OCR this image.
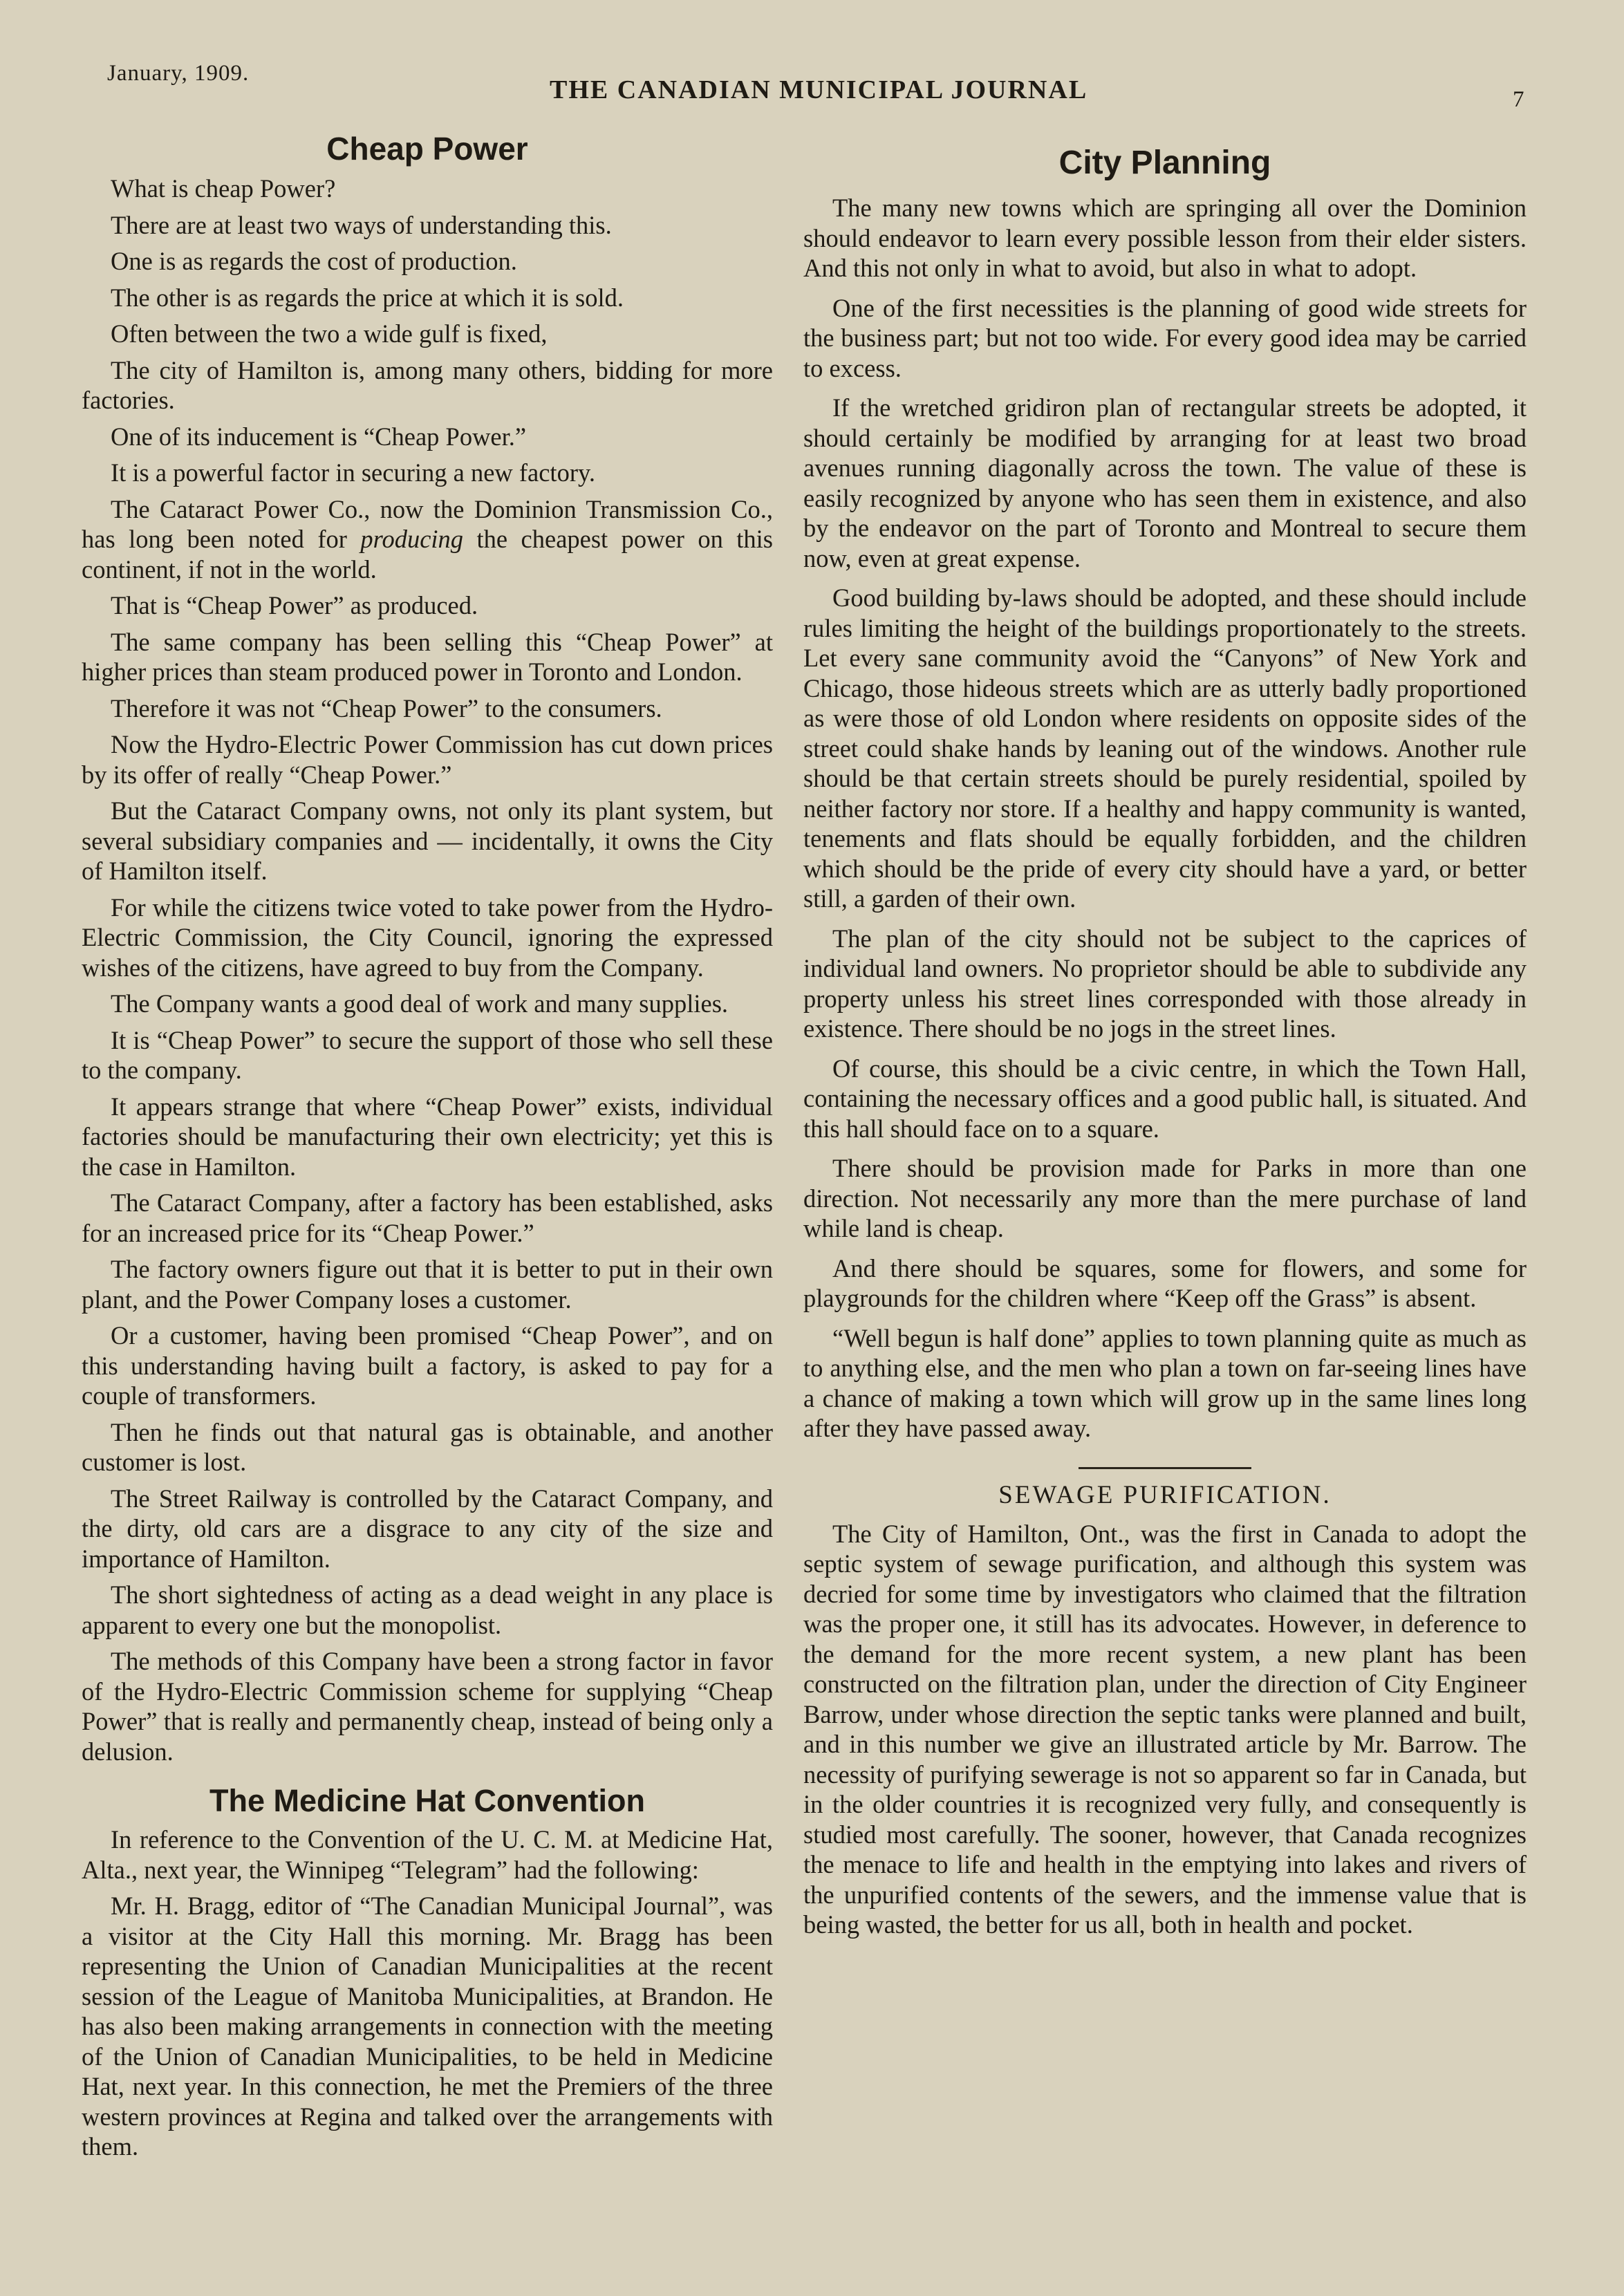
January, 1909.
THE CANADIAN MUNICIPAL JOURNAL	7
Cheap Power

What is cheap Power?

There are at least two ways of understanding this.

One is as regards the cost of production.

The other is as regards the price at which it is sold.

Often between the two a wide gulf is fixed,

The city of Hamilton is, among many others, bidding for more factories.

One of its inducement is “Cheap Power.”

It is a powerful factor in securing a new factory.

The Cataract Power Co., now the Dominion Transmission Co., has long been noted for producing the cheapest power on this continent, if not in the world.

That is “Cheap Power” as produced.

The same company has been selling this “Cheap Power” at higher prices than steam produced power in Toronto and London.

Therefore it was not “Cheap Power” to the consumers.

Now the Hydro-Electric Power Commission has cut down prices by its offer of really “Cheap Power.”

But the Cataract Company owns, not only its plant system, but several subsidiary companies and — incidentally, it owns the City of Hamilton itself.

For while the citizens twice voted to take power from the Hydro-Electric Commission, the City Council, ignoring the expressed wishes of the citizens, have agreed to buy from the Company.

The Company wants a good deal of work and many supplies.

It is “Cheap Power” to secure the support of those who sell these to the company.

It appears strange that where “Cheap Power” exists, individual factories should be manufacturing their own electricity; yet this is the case in Hamilton.

The Cataract Company, after a factory has been established, asks for an increased price for its “Cheap Power.”

The factory owners figure out that it is better to put in their own plant, and the Power Company loses a customer.

Or a customer, having been promised “Cheap Power”, and on this understanding having built a factory, is asked to pay for a couple of transformers.

Then he finds out that natural gas is obtainable, and another customer is lost.

The Street Railway is controlled by the Cataract Company, and the dirty, old cars are a disgrace to any city of the size and importance of Hamilton.

The short sightedness of acting as a dead weight in any place is apparent to every one but the monopolist.

The methods of this Company have been a strong factor in favor of the Hydro-Electric Commission scheme for supplying “Cheap Power” that is really and permanently cheap, instead of being only a delusion.

The Medicine Hat Convention

In reference to the Convention of the U. C. M. at Medicine Hat, Alta., next year, the Winnipeg “Telegram” had the following:

Mr. H. Bragg, editor of “The Canadian Municipal Journal”, was a visitor at the City Hall this morning. Mr. Bragg has been representing the Union of Canadian Municipalities at the recent session of the League of Manitoba Municipalities, at Brandon. He has also been making arrangements in connection with the meeting of the Union of Canadian Municipalities, to be held in Medicine Hat, next year. In this connection, he met the Premiers of the three western provinces at Regina and talked over the arrangements with them.

City Planning

The many new towns which are springing all over the Dominion should endeavor to learn every possible lesson from their elder sisters. And this not only in what to avoid, but also in what to adopt.

One of the first necessities is the planning of good wide streets for the business part; but not too wide. For every good idea may be carried to excess.

If the wretched gridiron plan of rectangular streets be adopted, it should certainly be modified by arranging for at least two broad avenues running diagonally across the town. The value of these is easily recognized by anyone who has seen them in existence, and also by the endeavor on the part of Toronto and Montreal to secure them now, even at great expense.

Good building by-laws should be adopted, and these should include rules limiting the height of the buildings proportionately to the streets. Let every sane community avoid the “Canyons” of New York and Chicago, those hideous streets which are as utterly badly proportioned as were those of old London where residents on opposite sides of the street could shake hands by leaning out of the windows. Another rule should be that certain streets should be purely residential, spoiled by neither factory nor store. If a healthy and happy community is wanted, tenements and flats should be equally forbidden, and the children which should be the pride of every city should have a yard, or better still, a garden of their own.

The plan of the city should not be subject to the caprices of individual land owners. No proprietor should be able to subdivide any property unless his street lines corresponded with those already in existence. There should be no jogs in the street lines.

Of course, this should be a civic centre, in which the Town Hall, containing the necessary offices and a good public hall, is situated. And this hall should face on to a square.

There should be provision made for Parks in more than one direction. Not necessarily any more than the mere purchase of land while land is cheap.

And there should be squares, some for flowers, and some for playgrounds for the children where “Keep off the Grass” is absent.

“Well begun is half done” applies to town planning quite as much as to anything else, and the men who plan a town on far-seeing lines have a chance of making a town which will grow up in the same lines long after they have passed away.

SEWAGE PURIFICATION.

The City of Hamilton, Ont., was the first in Canada to adopt the septic system of sewage purification, and although this system was decried for some time by investigators who claimed that the filtration was the proper one, it still has its advocates. However, in deference to the demand for the more recent system, a new plant has been constructed on the filtration plan, under the direction of City Engineer Barrow, under whose direction the septic tanks were planned and built, and in this number we give an illustrated article by Mr. Barrow. The necessity of purifying sewerage is not so apparent so far in Canada, but in the older countries it is recognized very fully, and consequently is studied most carefully. The sooner, however, that Canada recognizes the menace to life and health in the emptying into lakes and rivers of the unpurified contents of the sewers, and the immense value that is being wasted, the better for us all, both in health and pocket.
